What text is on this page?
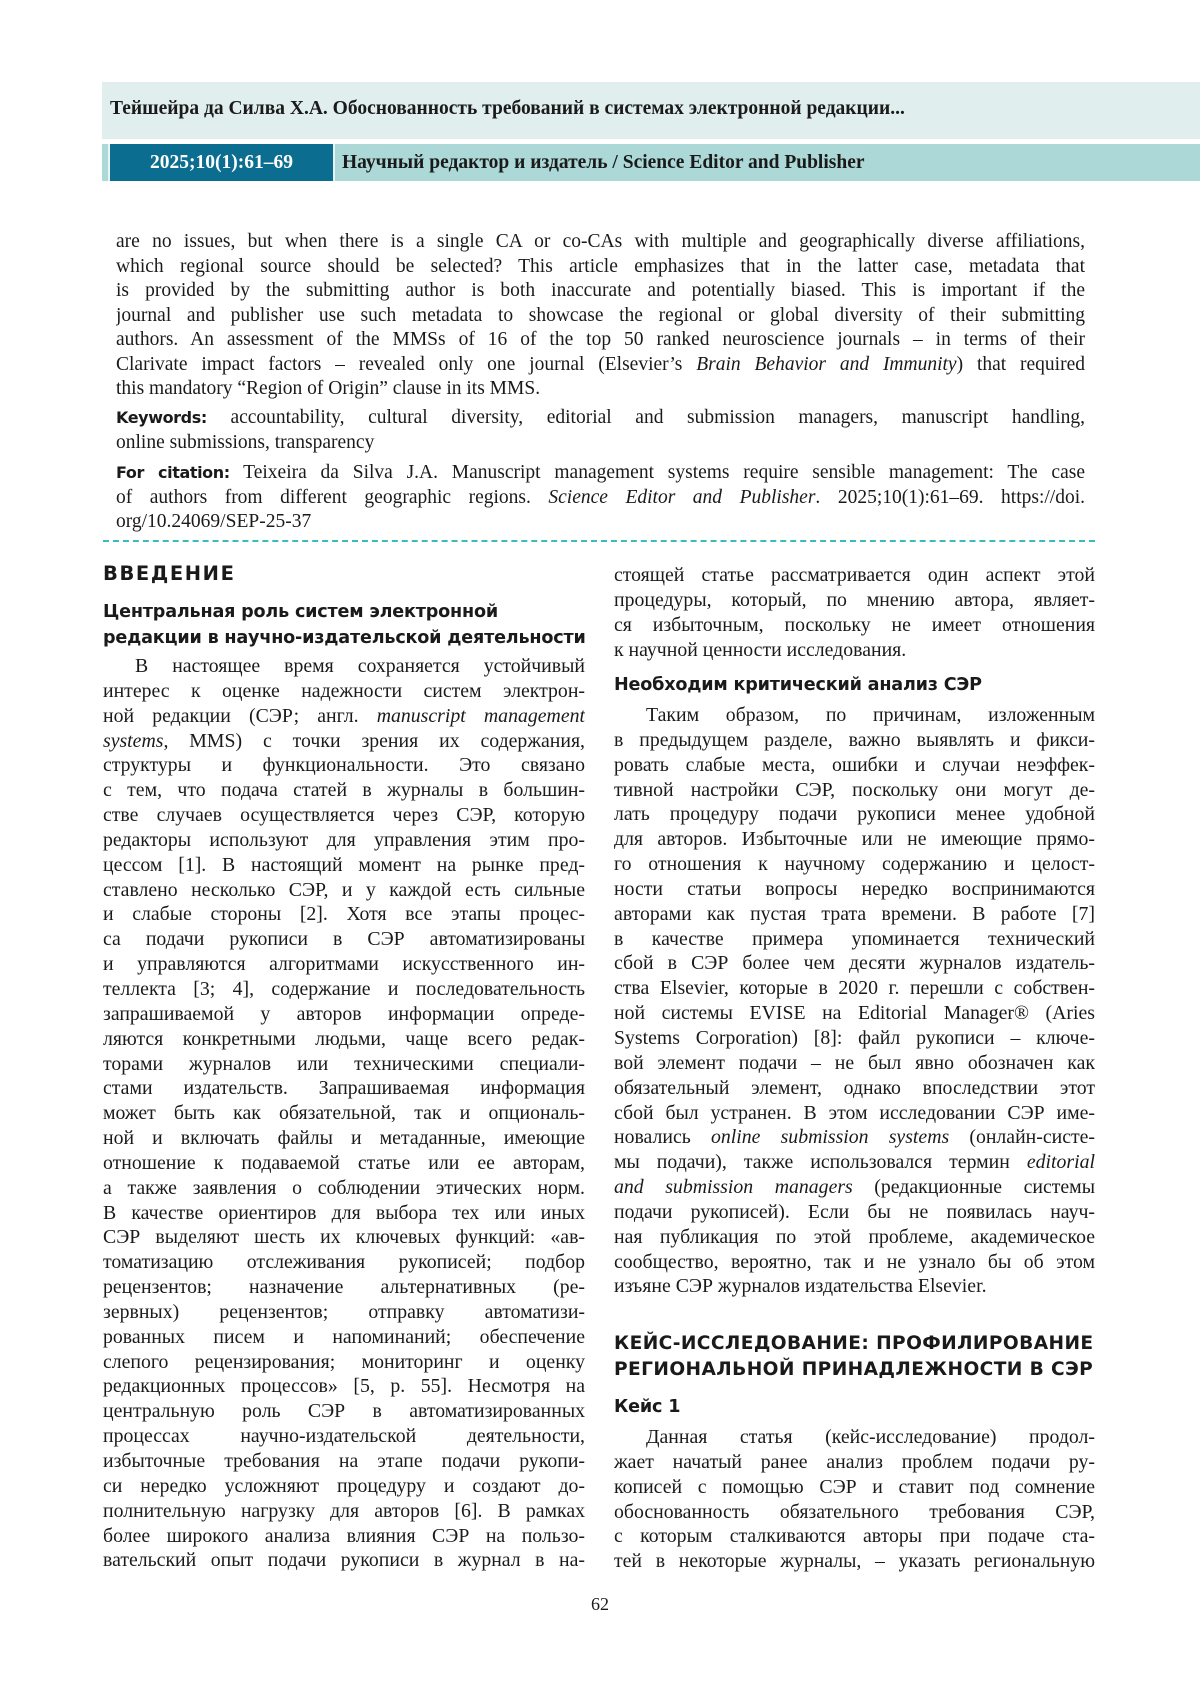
Тейшейра да Силва Х.А. Обоснованность требований в системах электронной редакции...
2025;10(1):61–69	Научный редактор и издатель / Science Editor and Publisher
are no issues, but when there is a single CA or co-CAs with multiple and geographically diverse affiliations,
which regional source should be selected? This article emphasizes that in the latter case, metadata that
is provided by the submitting author is both inaccurate and potentially biased. This is important if the
journal and publisher use such metadata to showcase the regional or global diversity of their submitting
authors. An assessment of the MMSs of 16 of the top 50 ranked neuroscience journals – in terms of their
Clarivate impact factors – revealed only one journal (Elsevier’s Brain Behavior and Immunity) that required
this mandatory “Region of Origin” clause in its MMS.
Keywords: accountability, cultural diversity, editorial and submission managers, manuscript handling,
online submissions, transparency
For citation: Teixeira da Silva J.A. Manuscript management systems require sensible management: The case
of authors from different geographic regions. Science Editor and Publisher. 2025;10(1):61–69. https://doi.
org/10.24069/SEP-25-37
ВВЕДЕНИЕ
Центральная роль систем электронной
редакции в научно-издательской деятельности
В настоящее время сохраняется устойчивый
интерес к оценке надежности систем электрон-
ной редакции (СЭР; англ. manuscript management
systems, MMS) с точки зрения их содержания,
структуры и функциональности. Это связано
с тем, что подача статей в журналы в большин-
стве случаев осуществляется через СЭР, которую
редакторы используют для управления этим про-
цессом [1]. В настоящий момент на рынке пред-
ставлено несколько СЭР, и у каждой есть сильные
и слабые стороны [2]. Хотя все этапы процес-
са подачи рукописи в СЭР автоматизированы
и управляются алгоритмами искусственного ин-
теллекта [3; 4], содержание и последовательность
запрашиваемой у авторов информации опреде-
ляются конкретными людьми, чаще всего редак-
торами журналов или техническими специали-
стами издательств. Запрашиваемая информация
может быть как обязательной, так и опциональ-
ной и включать файлы и метаданные, имеющие
отношение к подаваемой статье или ее авторам,
а также заявления о соблюдении этических норм.
В качестве ориентиров для выбора тех или иных
СЭР выделяют шесть их ключевых функций: «ав-
томатизацию отслеживания рукописей; подбор
рецензентов; назначение альтернативных (ре-
зервных) рецензентов; отправку автоматизи-
рованных писем и напоминаний; обеспечение
слепого рецензирования; мониторинг и оценку
редакционных процессов» [5, p. 55]. Несмотря на
центральную роль СЭР в автоматизированных
процессах научно-издательской деятельности,
избыточные требования на этапе подачи рукопи-
си нередко усложняют процедуру и создают до-
полнительную нагрузку для авторов [6]. В рамках
более широкого анализа влияния СЭР на пользо-
вательский опыт подачи рукописи в журнал в на-
стоящей статье рассматривается один аспект этой
процедуры, который, по мнению автора, являет-
ся избыточным, поскольку не имеет отношения
к научной ценности исследования.
Необходим критический анализ СЭР
Таким образом, по причинам, изложенным
в предыдущем разделе, важно выявлять и фикси-
ровать слабые места, ошибки и случаи неэффек-
тивной настройки СЭР, поскольку они могут де-
лать процедуру подачи рукописи менее удобной
для авторов. Избыточные или не имеющие прямо-
го отношения к научному содержанию и целост-
ности статьи вопросы нередко воспринимаются
авторами как пустая трата времени. В работе [7]
в качестве примера упоминается технический
сбой в СЭР более чем десяти журналов издатель-
ства Elsevier, которые в 2020 г. перешли с собствен-
ной системы EVISE на Editorial Manager® (Aries
Systems Corporation) [8]: файл рукописи – ключе-
вой элемент подачи – не был явно обозначен как
обязательный элемент, однако впоследствии этот
сбой был устранен. В этом исследовании СЭР име-
новались online submission systems (онлайн-систе-
мы подачи), также использовался термин editorial
and submission managers (редакционные системы
подачи рукописей). Если бы не появилась науч-
ная публикация по этой проблеме, академическое
сообщество, вероятно, так и не узнало бы об этом
изъяне СЭР журналов издательства Elsevier.
КЕЙС-ИССЛЕДОВАНИЕ: ПРОФИЛИРОВАНИЕ
РЕГИОНАЛЬНОЙ ПРИНАДЛЕЖНОСТИ В СЭР
Кейс 1
Данная статья (кейс-исследование) продол-
жает начатый ранее анализ проблем подачи ру-
кописей с помощью СЭР и ставит под сомнение
обоснованность обязательного требования СЭР,
с которым сталкиваются авторы при подаче ста-
тей в некоторые журналы, – указать региональную
62
